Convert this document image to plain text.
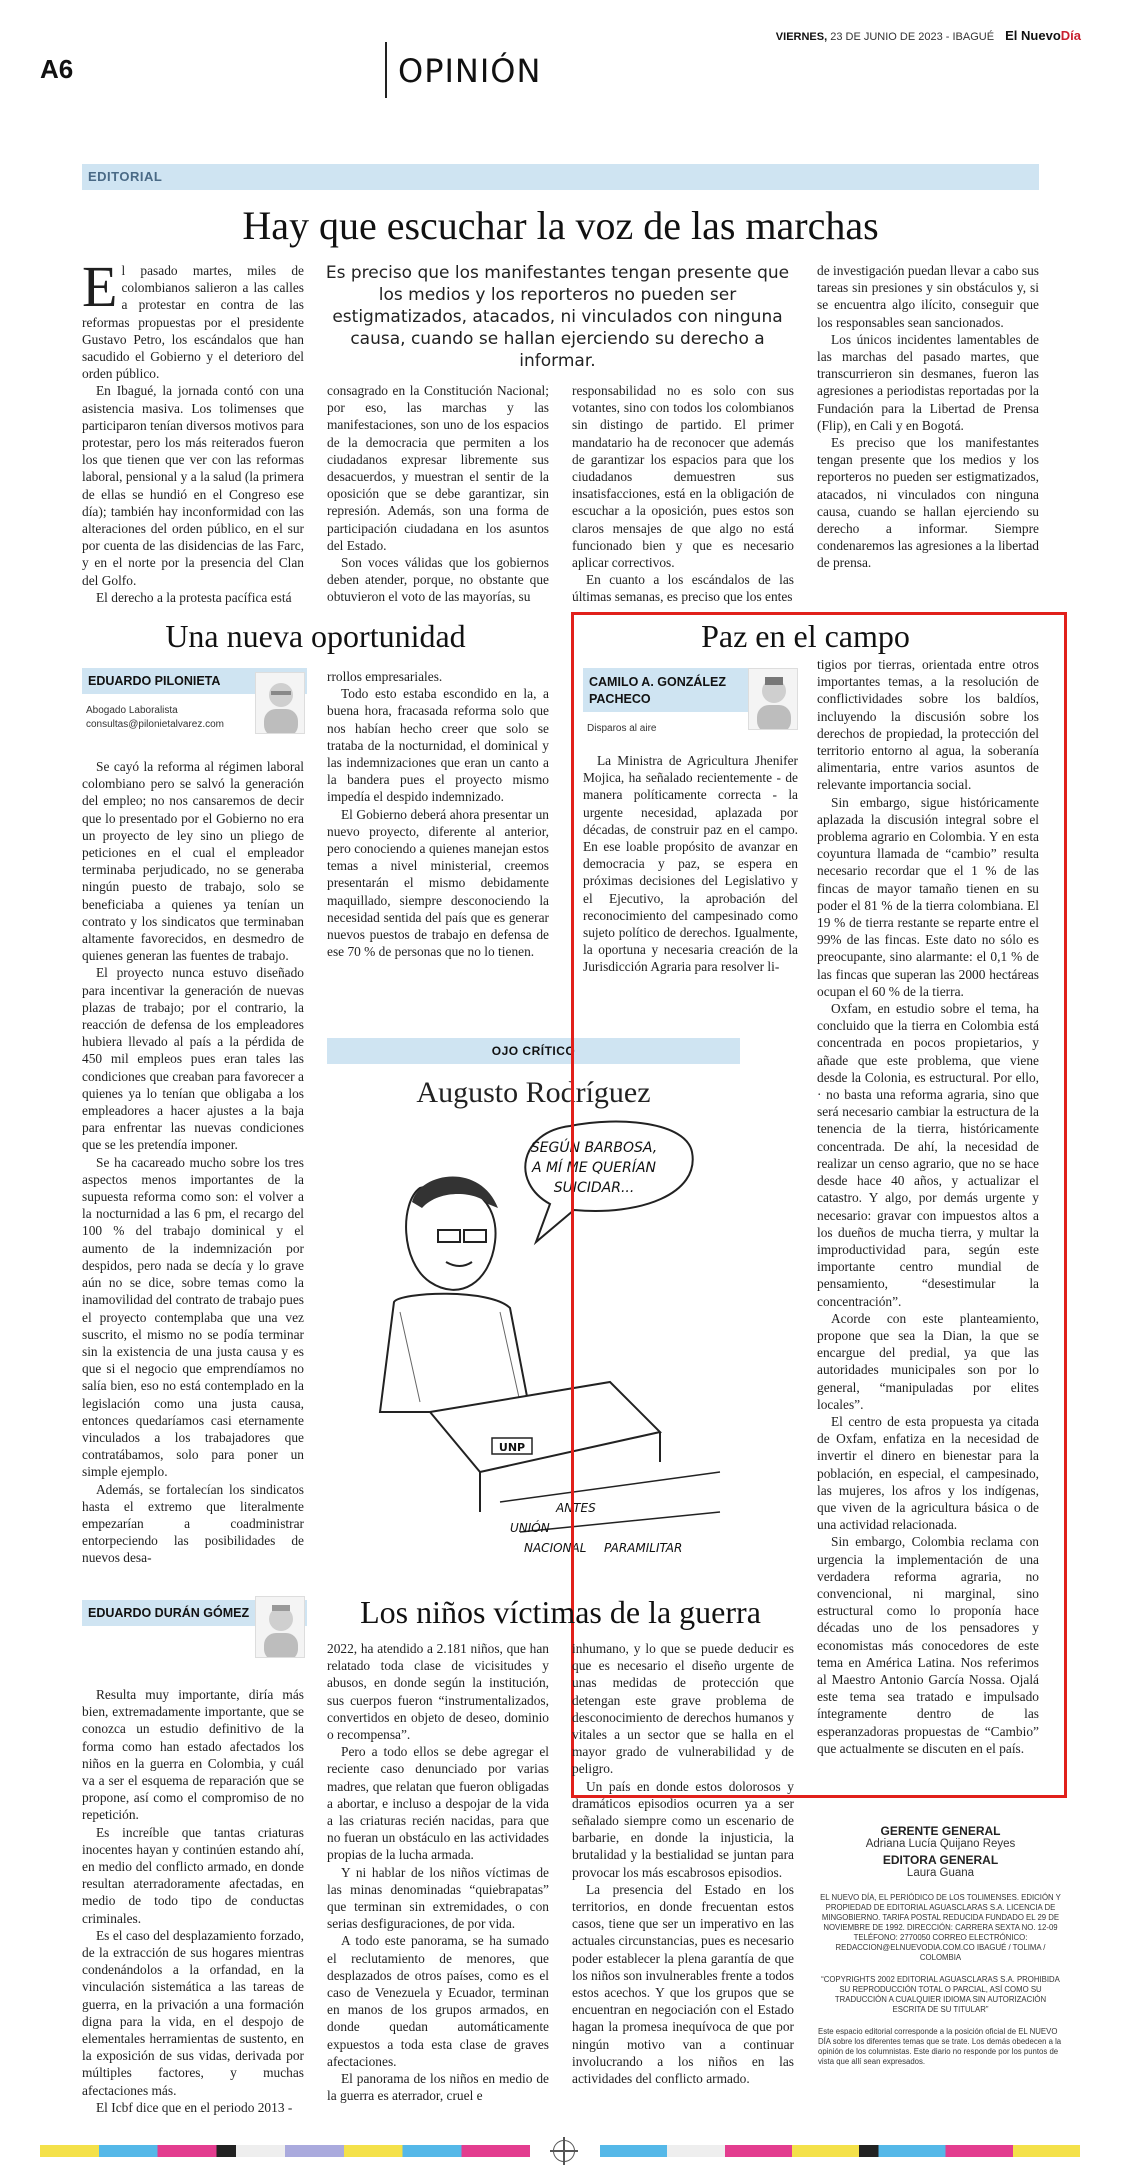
A6	OPINIÓN
VIERNES, 23 DE JUNIO DE 2023 - IBAGUÉ El NuevoDía
EDITORIAL
Hay que escuchar la voz de las marchas

El pasado martes, miles de colombianos salieron a las calles a protestar en contra de las reformas propuestas por el presidente Gustavo Petro, los escándalos que han sacudido el Gobierno y el deterioro del orden público.

En Ibagué, la jornada contó con una asistencia masiva. Los tolimenses que participaron tenían diversos motivos para protestar, pero los más reiterados fueron los que tienen que ver con las reformas laboral, pensional y a la salud (la primera de ellas se hundió en el Congreso ese día); también hay inconformidad con las alteraciones del orden público, en el sur por cuenta de las disidencias de las Farc, y en el norte por la presencia del Clan del Golfo.

El derecho a la protesta pacífica está

Es preciso que los manifestantes tengan presente que los medios y los reporteros no pueden ser estigmatizados, atacados, ni vinculados con ninguna causa, cuando se hallan ejerciendo su derecho a informar.

consagrado en la Constitución Nacional; por eso, las marchas y las manifestaciones, son uno de los espacios de la democracia que permiten a los ciudadanos expresar libremente sus desacuerdos, y muestran el sentir de la oposición que se debe garantizar, sin represión. Además, son una forma de participación ciudadana en los asuntos del Estado.

Son voces válidas que los gobiernos deben atender, porque, no obstante que obtuvieron el voto de las mayorías, su

responsabilidad no es solo con sus votantes, sino con todos los colombianos sin distingo de partido. El primer mandatario ha de reconocer que además de garantizar los espacios para que los ciudadanos demuestren sus insatisfacciones, está en la obligación de escuchar a la oposición, pues estos son claros mensajes de que algo no está funcionado bien y que es necesario aplicar correctivos.

En cuanto a los escándalos de las últimas semanas, es preciso que los entes

de investigación puedan llevar a cabo sus tareas sin presiones y sin obstáculos y, si se encuentra algo ilícito, conseguir que los responsables sean sancionados.

Los únicos incidentes lamentables de las marchas del pasado martes, que transcurrieron sin desmanes, fueron las agresiones a periodistas reportadas por la Fundación para la Libertad de Prensa (Flip), en Cali y en Bogotá.

Es preciso que los manifestantes tengan presente que los medios y los reporteros no pueden ser estigmatizados, atacados, ni vinculados con ninguna causa, cuando se hallan ejerciendo su derecho a informar. Siempre condenaremos las agresiones a la libertad de prensa.

Una nueva oportunidad
EDUARDO PILONIETA
Abogado Laboralista
consultas@pilonietalvarez.com

Se cayó la reforma al régimen laboral colombiano pero se salvó la generación del empleo; no nos cansaremos de decir que lo presentado por el Gobierno no era un proyecto de ley sino un pliego de peticiones en el cual el empleador terminaba perjudicado, no se generaba ningún puesto de trabajo, solo se beneficiaba a quienes ya tenían un contrato y los sindicatos que terminaban altamente favorecidos, en desmedro de quienes generan las fuentes de trabajo.

El proyecto nunca estuvo diseñado para incentivar la generación de nuevas plazas de trabajo; por el contrario, la reacción de defensa de los empleadores hubiera llevado al país a la pérdida de 450 mil empleos pues eran tales las condiciones que creaban para favorecer a quienes ya lo tenían que obligaba a los empleadores a hacer ajustes a la baja para enfrentar las nuevas condiciones que se les pretendía imponer.

Se ha cacareado mucho sobre los tres aspectos menos importantes de la supuesta reforma como son: el volver a la nocturnidad a las 6 pm, el recargo del 100 % del trabajo dominical y el aumento de la indemnización por despidos, pero nada se decía y lo grave aún no se dice, sobre temas como la inamovilidad del contrato de trabajo pues el proyecto contemplaba que una vez suscrito, el mismo no se podía terminar sin la existencia de una justa causa y es que si el negocio que emprendíamos no salía bien, eso no está contemplado en la legislación como una justa causa, entonces quedaríamos casi eternamente vinculados a los trabajadores que contratábamos, solo para poner un simple ejemplo.

Además, se fortalecían los sindicatos hasta el extremo que literalmente empezarían a coadministrar entorpeciendo las posibilidades de nuevos desa-

rrollos empresariales.

Todo esto estaba escondido en la, a buena hora, fracasada reforma solo que nos habían hecho creer que solo se trataba de la nocturnidad, el dominical y las indemnizaciones que eran un canto a la bandera pues el proyecto mismo impedía el despido indemnizado.

El Gobierno deberá ahora presentar un nuevo proyecto, diferente al anterior, pero conociendo a quienes manejan estos temas a nivel ministerial, creemos presentarán el mismo debidamente maquillado, siempre desconociendo la necesidad sentida del país que es generar nuevos puestos de trabajo en defensa de ese 70 % de personas que no lo tienen.

OJO CRÍTICO
Augusto Rodríguez
SEGÚN BARBOSA,
A MÍ ME QUERÍAN
SUICIDAR...
UNP
ANTES
UNIÓN
NACIONAL PARAMILITAR
Paz en el campo
CAMILO A. GONZÁLEZ
PACHECO
Disparos al aire

La Ministra de Agricultura Jhenifer Mojica, ha señalado recientemente - de manera políticamente correcta - la urgente necesidad, aplazada por décadas, de construir paz en el campo. En ese loable propósito de avanzar en democracia y paz, se espera en próximas decisiones del Legislativo y el Ejecutivo, la aprobación del reconocimiento del campesinado como sujeto político de derechos. Igualmente, la oportuna y necesaria creación de la Jurisdicción Agraria para resolver li-

tigios por tierras, orientada entre otros importantes temas, a la resolución de conflictividades sobre los baldíos, incluyendo la discusión sobre los derechos de propiedad, la protección del territorio entorno al agua, la soberanía alimentaria, entre varios asuntos de relevante importancia social.

Sin embargo, sigue históricamente aplazada la discusión integral sobre el problema agrario en Colombia. Y en esta coyuntura llamada de “cambio” resulta necesario recordar que el 1 % de las fincas de mayor tamaño tienen en su poder el 81 % de la tierra colombiana. El 19 % de tierra restante se reparte entre el 99% de las fincas. Este dato no sólo es preocupante, sino alarmante: el 0,1 % de las fincas que superan las 2000 hectáreas ocupan el 60 % de la tierra.

Oxfam, en estudio sobre el tema, ha concluido que la tierra en Colombia está concentrada en pocos propietarios, y añade que este problema, que viene desde la Colonia, es estructural. Por ello, · no basta una reforma agraria, sino que será necesario cambiar la estructura de la tenencia de la tierra, históricamente concentrada. De ahí, la necesidad de realizar un censo agrario, que no se hace desde hace 40 años, y actualizar el catastro. Y algo, por demás urgente y necesario: gravar con impuestos altos a los dueños de mucha tierra, y multar la improductividad para, según este importante centro mundial de pensamiento, “desestimular la concentración”.

Acorde con este planteamiento, propone que sea la Dian, la que se encargue del predial, ya que las autoridades municipales son por lo general, “manipuladas por elites locales”.

El centro de esta propuesta ya citada de Oxfam, enfatiza en la necesidad de invertir el dinero en bienestar para la población, en especial, el campesinado, las mujeres, los afros y los indígenas, que viven de la agricultura básica o de una actividad relacionada.

Sin embargo, Colombia reclama con urgencia la implementación de una verdadera reforma agraria, no convencional, ni marginal, sino estructural como lo proponía hace décadas uno de los pensadores y economistas más conocedores de este tema en América Latina. Nos referimos al Maestro Antonio García Nossa. Ojalá este tema sea tratado e impulsado íntegramente dentro de las esperanzadoras propuestas de “Cambio” que actualmente se discuten en el país.

EDUARDO DURÁN GÓMEZ	Los niños víctimas de la guerra

Resulta muy importante, diría más bien, extremadamente importante, que se conozca un estudio definitivo de la forma como han estado afectados los niños en la guerra en Colombia, y cuál va a ser el esquema de reparación que se propone, así como el compromiso de no repetición.

Es increíble que tantas criaturas inocentes hayan y continúen estando ahí, en medio del conflicto armado, en donde resultan aterradoramente afectadas, en medio de todo tipo de conductas criminales.

Es el caso del desplazamiento forzado, de la extracción de sus hogares mientras condenándolos a la orfandad, en la vinculación sistemática a las tareas de guerra, en la privación a una formación digna para la vida, en el despojo de elementales herramientas de sustento, en la exposición de sus vidas, derivada por múltiples factores, y muchas afectaciones más.

El Icbf dice que en el periodo 2013 -

2022, ha atendido a 2.181 niños, que han relatado toda clase de vicisitudes y abusos, en donde según la institución, sus cuerpos fueron “instrumentalizados, convertidos en objeto de deseo, dominio o recompensa”.

Pero a todo ellos se debe agregar el reciente caso denunciado por varias madres, que relatan que fueron obligadas a abortar, e incluso a despojar de la vida a las criaturas recién nacidas, para que no fueran un obstáculo en las actividades propias de la lucha armada.

Y ni hablar de los niños víctimas de las minas denominadas “quiebrapatas” que terminan sin extremidades, o con serias desfiguraciones, de por vida.

A todo este panorama, se ha sumado el reclutamiento de menores, que desplazados de otros países, como es el caso de Venezuela y Ecuador, terminan en manos de los grupos armados, en donde quedan automáticamente expuestos a toda esta clase de graves afectaciones.

El panorama de los niños en medio de la guerra es aterrador, cruel e

inhumano, y lo que se puede deducir es que es necesario el diseño urgente de unas medidas de protección que detengan este grave problema de desconocimiento de derechos humanos y vitales a un sector que se halla en el mayor grado de vulnerabilidad y de peligro.

Un país en donde estos dolorosos y dramáticos episodios ocurren ya a ser señalado siempre como un escenario de barbarie, en donde la injusticia, la brutalidad y la bestialidad se juntan para provocar los más escabrosos episodios.

La presencia del Estado en los territorios, en donde frecuentan estos casos, tiene que ser un imperativo en las actuales circunstancias, pues es necesario poder establecer la plena garantía de que los niños son invulnerables frente a todos estos acechos. Y que los grupos que se encuentran en negociación con el Estado hagan la promesa inequívoca de que por ningún motivo van a continuar involucrando a los niños en las actividades del conflicto armado.

GERENTE GENERAL
Adriana Lucía Quijano Reyes
EDITORA GENERAL
Laura Guana
EL NUEVO DÍA, EL PERIÓDICO DE LOS TOLIMENSES. EDICIÓN Y PROPIEDAD DE EDITORIAL AGUASCLARAS S.A. LICENCIA DE MINGOBIERNO. TARIFA POSTAL REDUCIDA FUNDADO EL 29 DE NOVIEMBRE DE 1992. DIRECCIÓN: CARRERA SEXTA NO. 12-09 TELÉFONO: 2770050 CORREO ELECTRÓNICO: REDACCION@ELNUEVODIA.COM.CO IBAGUÉ / TOLIMA / COLOMBIA
“COPYRIGHTS 2002 EDITORIAL AGUASCLARAS S.A. PROHIBIDA SU REPRODUCCIÓN TOTAL O PARCIAL, ASÍ COMO SU TRADUCCIÓN A CUALQUIER IDIOMA SIN AUTORIZACIÓN ESCRITA DE SU TITULAR”
Este espacio editorial corresponde a la posición oficial de EL NUEVO DÍA sobre los diferentes temas que se trate. Los demás obedecen a la opinión de los columnistas. Este diario no responde por los puntos de vista que allí sean expresados.
